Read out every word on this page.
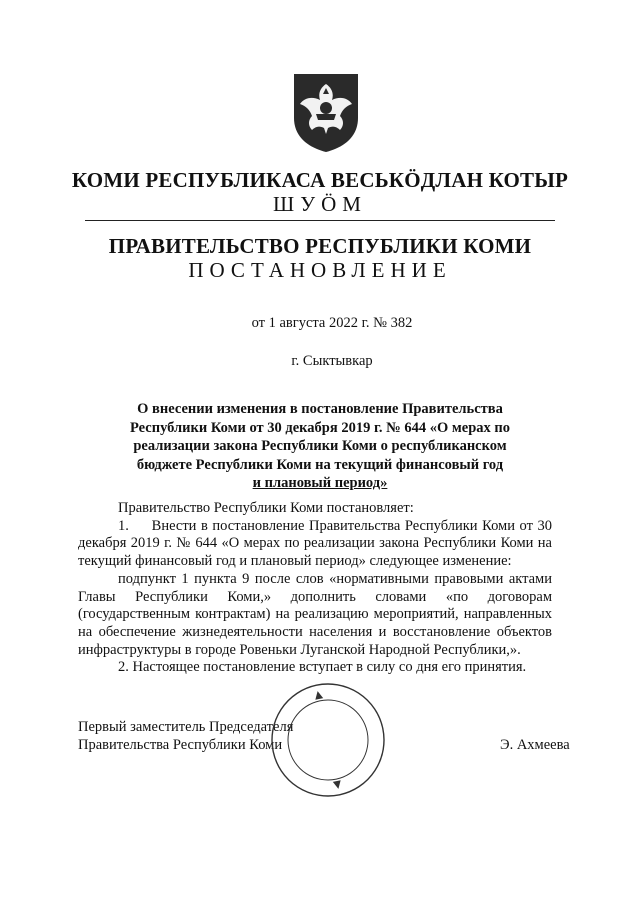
КОМИ РЕСПУБЛИКАСА ВЕСЬКÖДЛАН КОТЫР
ШУÖМ
ПРАВИТЕЛЬСТВО РЕСПУБЛИКИ КОМИ
ПОСТАНОВЛЕНИЕ
от 1 августа 2022 г. № 382
г. Сыктывкар
О внесении изменения в постановление Правительства
Республики Коми от 30 декабря 2019 г. № 644 «О мерах по
реализации закона Республики Коми о республиканском
бюджете Республики Коми на текущий финансовый год
и плановый период»

Правительство Республики Коми постановляет:

1.     Внести в постановление Правительства Республики Коми от 30 декабря 2019 г. № 644 «О мерах по реализации закона Республики Коми на текущий финансовый год и плановый период» следующее изменение:

подпункт 1 пункта 9 после слов «нормативными правовыми актами Главы Республики Коми,» дополнить словами «по договорам (государственным контрактам) на реализацию мероприятий, направленных на обеспечение жизнедеятельности населения и восстановление объектов инфраструктуры в городе Ровеньки Луганской Народной Республики,».

2. Настоящее постановление вступает в силу со дня его принятия.

Первый заместитель Председателя
Правительства Республики Коми	Э. Ахмеева
